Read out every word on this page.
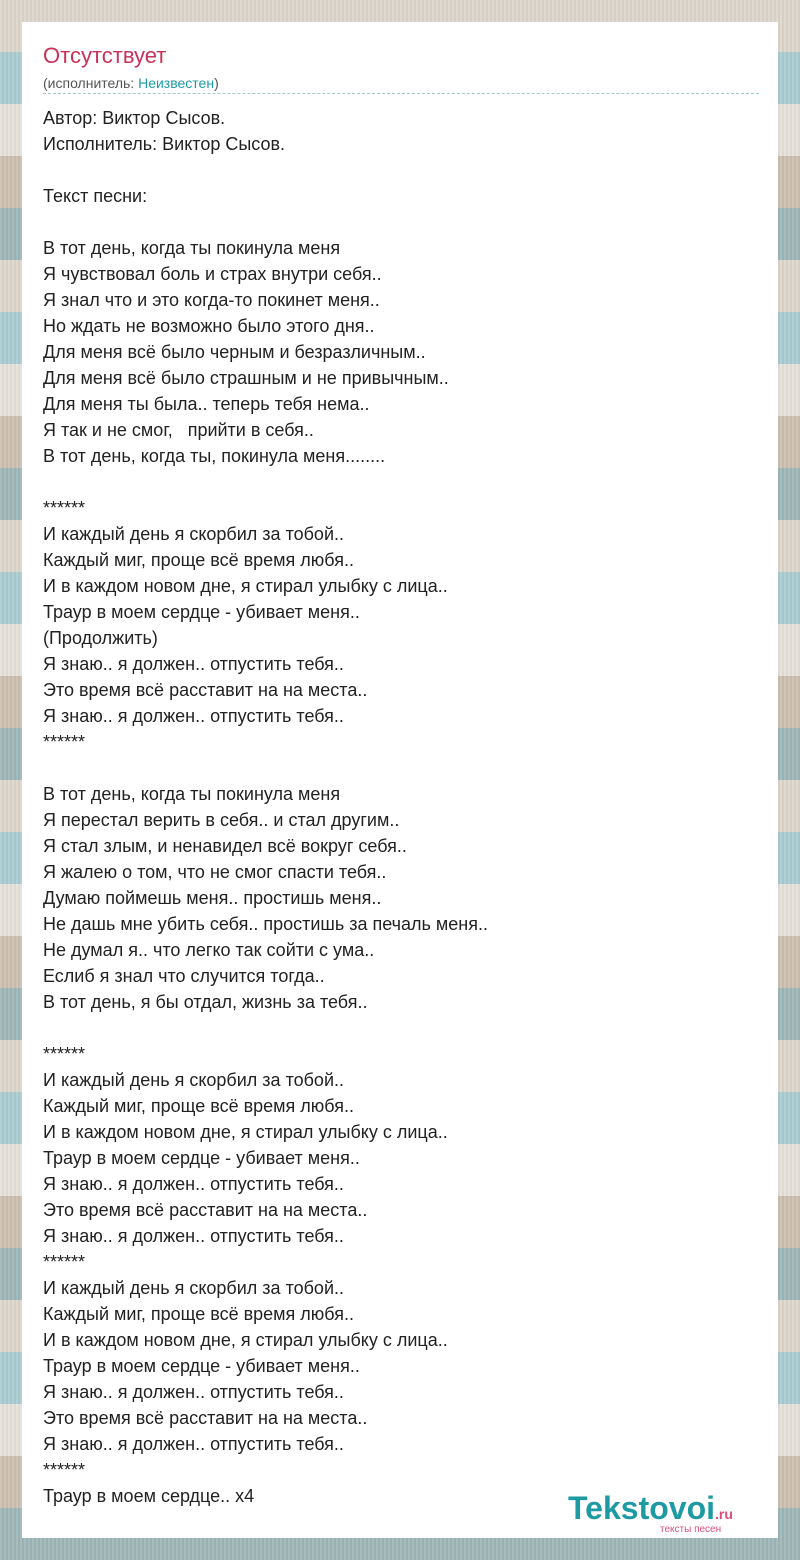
Отсутствует
(исполнитель: Неизвестен)
Автор: Виктор Сысов.
Исполнитель: Виктор Сысов.
Текст песни:
В тот день, когда ты покинула меня
Я чувствовал боль и страх внутри себя..
Я знал что и это когда-то покинет меня..
Но ждать не возможно было этого дня..
Для меня всё было черным и безразличным..
Для меня всё было страшным и не привычным..
Для меня ты была.. теперь тебя нема..
Я так и не смог,   прийти в себя..
В тот день, когда ты, покинула меня........
******
И каждый день я скорбил за тобой..
Каждый миг, проще всё время любя..
И в каждом новом дне, я стирал улыбку с лица..
Траур в моем сердце - убивает меня..
(Продолжить)
Я знаю.. я должен.. отпустить тебя..
Это время всё расставит на на места..
Я знаю.. я должен.. отпустить тебя..
******
В тот день, когда ты покинула меня
Я перестал верить в себя.. и стал другим..
Я стал злым, и ненавидел всё вокруг себя..
Я жалею о том, что не смог спасти тебя..
Думаю поймешь меня.. простишь меня..
Не дашь мне убить себя.. простишь за печаль меня..
Не думал я.. что легко так сойти с ума..
Еслиб я знал что случится тогда..
В тот день, я бы отдал, жизнь за тебя..
******
И каждый день я скорбил за тобой..
Каждый миг, проще всё время любя..
И в каждом новом дне, я стирал улыбку с лица..
Траур в моем сердце - убивает меня..
Я знаю.. я должен.. отпустить тебя..
Это время всё расставит на на места..
Я знаю.. я должен.. отпустить тебя..
******
И каждый день я скорбил за тобой..
Каждый миг, проще всё время любя..
И в каждом новом дне, я стирал улыбку с лица..
Траур в моем сердце - убивает меня..
Я знаю.. я должен.. отпустить тебя..
Это время всё расставит на на места..
Я знаю.. я должен.. отпустить тебя..
******
Траур в моем сердце.. x4	Tekstovoi.ru
тексты песен
